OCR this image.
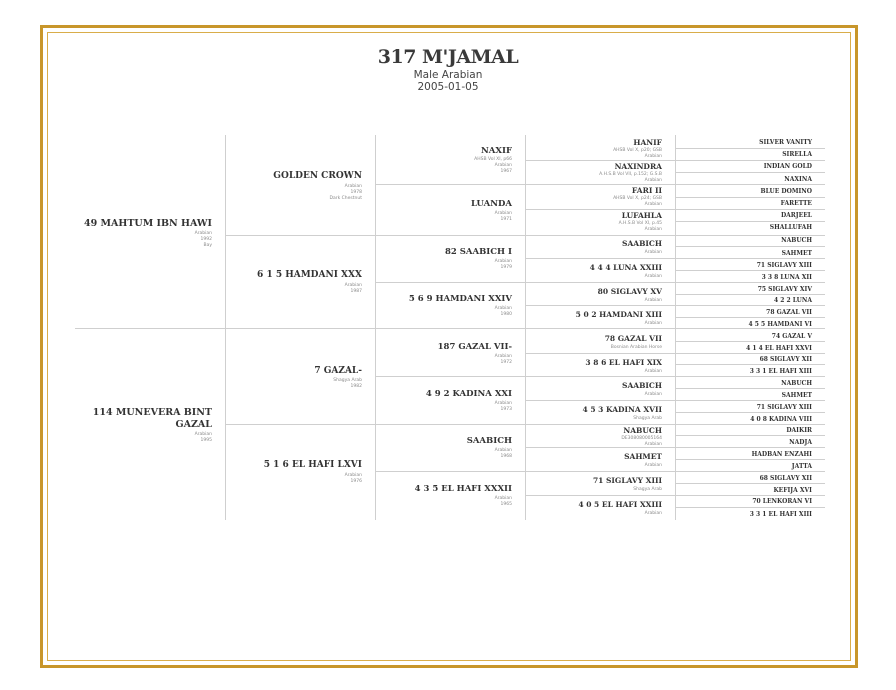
317 M'JAMAL
Male Arabian
2005-01-05
49 MAHTUM IBN HAWI
Arabian
1992
Bay
114 MUNEVERA BINT
GAZAL
Arabian
1995
GOLDEN CROWN
Arabian
1978
Dark Chestnut
6 1 5 HAMDANI XXX
Arabian
1987
7 GAZAL-
Shagya Arab
1982
5 1 6 EL HAFI LXVI
Arabian
1976
NAXIF
AHSB Vol XI, p66
Arabian
1967
LUANDA
Arabian
1971
82 SAABICH I
Arabian
1979
5 6 9 HAMDANI XXIV
Arabian
1980
187 GAZAL VII-
Arabian
1972
4 9 2 KADINA XXI
Arabian
1973
SAABICH
Arabian
1968
4 3 5 EL HAFI XXXII
Arabian
1965
HANIF
AHSB Vol X, p20; GSB
Arabian
NAXINDRA
A.H.S.B Vol VII, p.152; G.S.B
Arabian
FARI II
AHSB Vol X, p24; GSB
Arabian
LUFAHLA
A.H.S.B Vol XI, p.45
Arabian
SAABICH
Arabian
4 4 4 LUNA XXIII
Arabian
80 SIGLAVY XV
Arabian
5 0 2 HAMDANI XIII
Arabian
78 GAZAL VII
Bosnian Arabian Horse
3 8 6 EL HAFI XIX
Arabian
SAABICH
Arabian
4 5 3 KADINA XVII
Shagya Arab
NABUCH
DE308080005164
Arabian
SAHMET
Arabian
71 SIGLAVY XIII
Shagya Arab
4 0 5 EL HAFI XXIII
Arabian
SILVER VANITY
SIRELLA
INDIAN GOLD
NAXINA
BLUE DOMINO
FARETTE
DARJEEL
SHALLUFAH
NABUCH
SAHMET
71 SIGLAVY XIII
3 3 8 LUNA XII
75 SIGLAVY XIV
4 2 2 LUNA
78 GAZAL VII
4 5 5 HAMDANI VI
74 GAZAL V
4 1 4 EL HAFI XXVI
68 SIGLAVY XII
3 3 1 EL HAFI XIII
NABUCH
SAHMET
71 SIGLAVY XIII
4 0 8 KADINA VIII
DAIKIR
NADJA
HADBAN ENZAHI
JATTA
68 SIGLAVY XII
KEFIJA XVI
70 LENKORAN VI
3 3 1 EL HAFI XIII
